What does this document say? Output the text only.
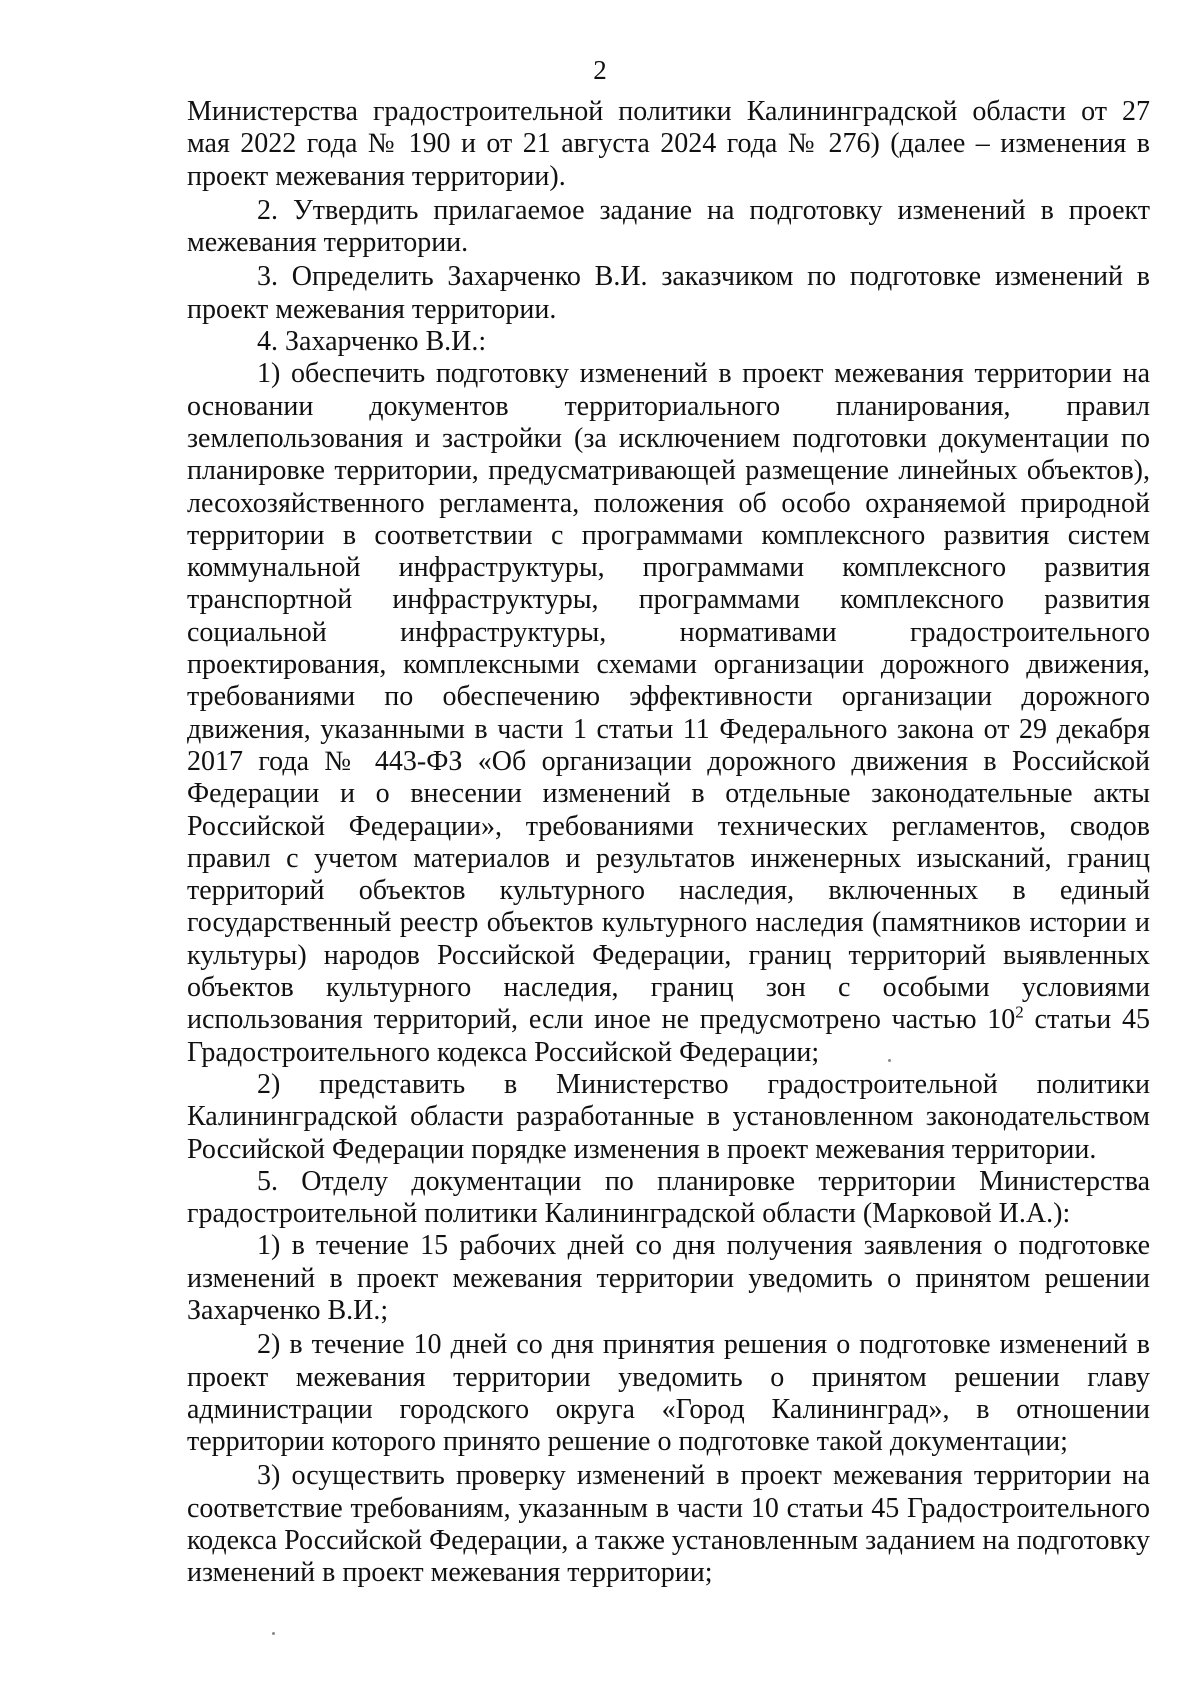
2

Министерства градостроительной политики Калининградской области от 27 мая 2022 года № 190 и от 21 августа 2024 года № 276) (далее – изменения в проект межевания территории).

2. Утвердить прилагаемое задание на подготовку изменений в проект межевания территории.

3. Определить Захарченко В.И. заказчиком по подготовке изменений в проект межевания территории.

4. Захарченко В.И.:

1) обеспечить подготовку изменений в проект межевания территории на основании документов территориального планирования, правил землепользования и застройки (за исключением подготовки документации по планировке территории, предусматривающей размещение линейных объектов), лесохозяйственного регламента, положения об особо охраняемой природной территории в соответствии с программами комплексного развития систем коммунальной инфраструктуры, программами комплексного развития транспортной инфраструктуры, программами комплексного развития социальной инфраструктуры, нормативами градостроительного проектирования, комплексными схемами организации дорожного движения, требованиями по обеспечению эффективности организации дорожного движения, указанными в части 1 статьи 11 Федерального закона от 29 декабря 2017 года № 443-ФЗ «Об организации дорожного движения в Российской Федерации и о внесении изменений в отдельные законодательные акты Российской Федерации», требованиями технических регламентов, сводов правил с учетом материалов и результатов инженерных изысканий, границ территорий объектов культурного наследия, включенных в единый государственный реестр объектов культурного наследия (памятников истории и культуры) народов Российской Федерации, границ территорий выявленных объектов культурного наследия, границ зон с особыми условиями использования территорий, если иное не предусмотрено частью $10^2$ статьи 45 Градостроительного кодекса Российской Федерации;

2) представить в Министерство градостроительной политики Калининградской области разработанные в установленном законодательством Российской Федерации порядке изменения в проект межевания территории.

5. Отделу документации по планировке территории Министерства градостроительной политики Калининградской области (Марковой И.А.):

1) в течение 15 рабочих дней со дня получения заявления о подготовке изменений в проект межевания территории уведомить о принятом решении Захарченко В.И.;

2) в течение 10 дней со дня принятия решения о подготовке изменений в проект межевания территории уведомить о принятом решении главу администрации городского округа «Город Калининград», в отношении территории которого принято решение о подготовке такой документации;

3) осуществить проверку изменений в проект межевания территории на соответствие требованиям, указанным в части 10 статьи 45 Градостроительного кодекса Российской Федерации, а также установленным заданием на подготовку изменений в проект межевания территории;
